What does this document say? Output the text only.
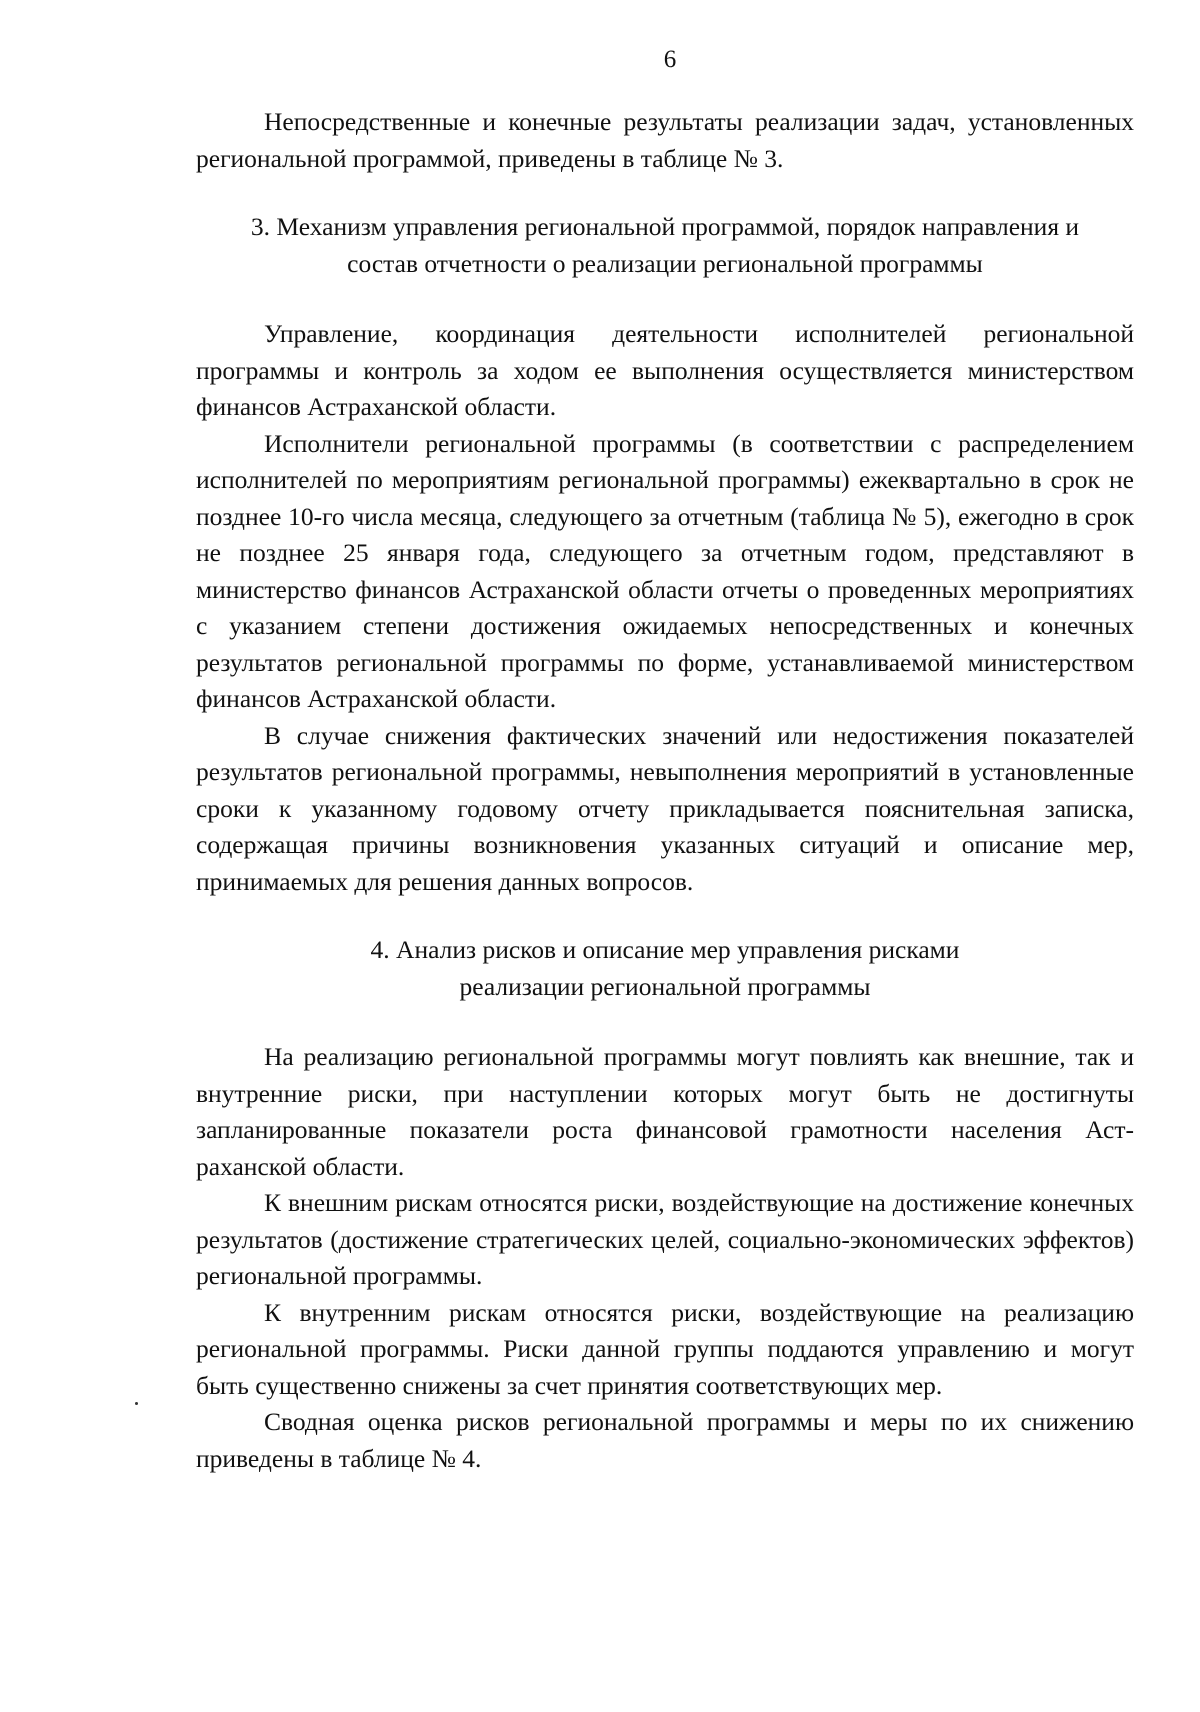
6

Непосредственные и конечные результаты реализации задач, установленных региональной программой, приведены в таблице № 3.

3. Механизм управления региональной программой, порядок направления и
состав отчетности о реализации региональной программы

Управление, координация деятельности исполнителей региональной программы и контроль за ходом ее выполнения осуществляется министерством финансов Астраханской области.

Исполнители региональной программы (в соответствии с распределением исполнителей по мероприятиям региональной программы) ежеквартально в срок не позднее 10-го числа месяца, следующего за отчетным (таблица № 5), ежегодно в срок не позднее 25 января года, следующего за отчетным годом, представляют в министерство финансов Астраханской области отчеты о проведенных мероприятиях с указанием степени достижения ожидаемых непосредственных и конечных результатов региональной программы по форме, устанавливаемой министерством финансов Астраханской области.

В случае снижения фактических значений или недостижения показателей результатов региональной программы, невыполнения мероприятий в установленные сроки к указанному годовому отчету прикладывается пояснительная записка, содержащая причины возникновения указанных ситуаций и описание мер, принимаемых для решения данных вопросов.

4. Анализ рисков и описание мер управления рисками
реализации региональной программы

На реализацию региональной программы могут повлиять как внешние, так и внутренние риски, при наступлении которых могут быть не достигнуты запланированные показатели роста финансовой грамотности населения Астраханской области.

К внешним рискам относятся риски, воздействующие на достижение конечных результатов (достижение стратегических целей, социально-экономических эффектов) региональной программы.

К внутренним рискам относятся риски, воздействующие на реализацию региональной программы. Риски данной группы поддаются управлению и могут быть существенно снижены за счет принятия соответствующих мер.

Сводная оценка рисков региональной программы и меры по их снижению приведены в таблице № 4.
